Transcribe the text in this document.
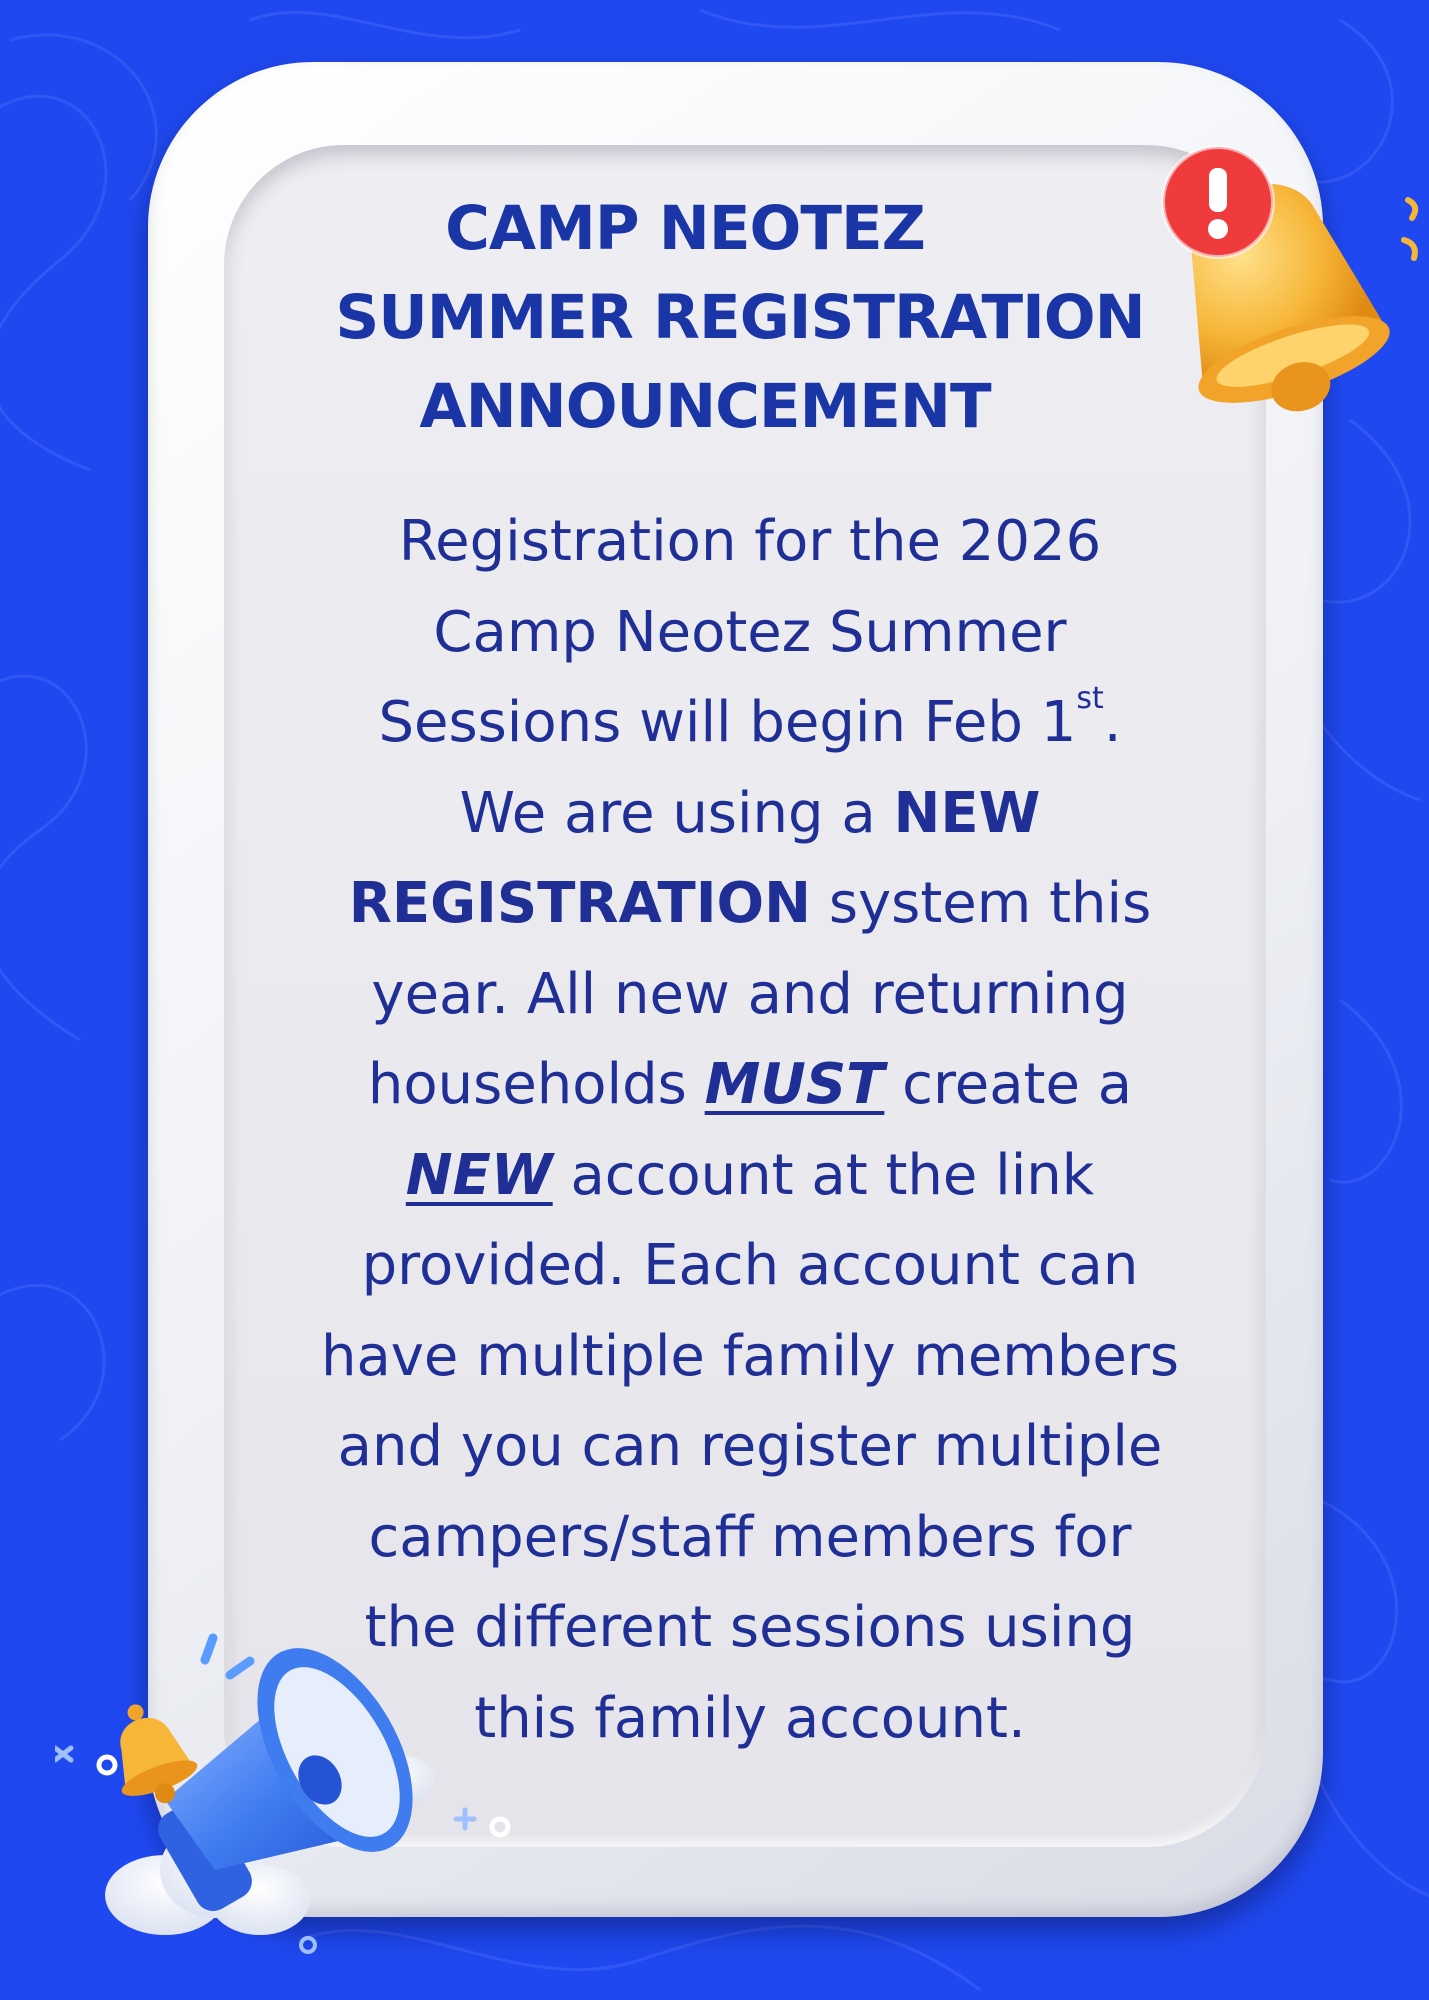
CAMP NEOTEZ
SUMMER REGISTRATION
ANNOUNCEMENT
Registration for the 2026
Camp Neotez Summer
Sessions will begin Feb 1st.
We are using a NEW
REGISTRATION system this
year. All new and returning
households MUST create a
NEW account at the link
provided. Each account can
have multiple family members
and you can register multiple
campers/staff members for
the different sessions using
this family account.
